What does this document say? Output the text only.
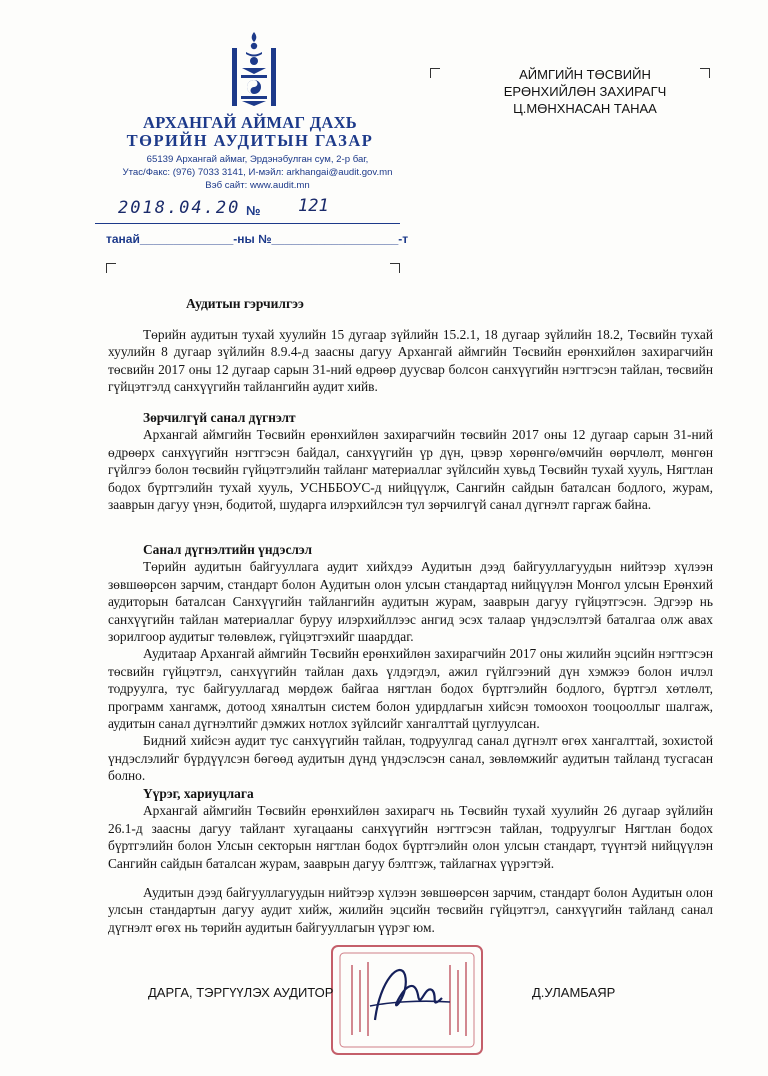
АРХАНГАЙ АЙМАГ ДАХЬ
ТӨРИЙН АУДИТЫН ГАЗАР
65139 Архангай аймаг, Эрдэнэбулган сум, 2-р баг,
Утас/Факс: (976) 7033 3141, И-мэйл: arkhangai@audit.gov.mn
Вэб сайт: www.audit.mn
2018.04.20 № 121
танай______________-ны №___________________-т
АЙМГИЙН ТӨСВИЙН
ЕРӨНХИЙЛӨН ЗАХИРАГЧ
Ц.МӨНХНАСАН ТАНАА
Аудитын гэрчилгээ
Төрийн аудитын тухай хуулийн 15 дугаар зүйлийн 15.2.1, 18 дугаар зүйлийн 18.2, Төсвийн тухай хуулийн 8 дугаар зүйлийн 8.9.4-д заасны дагуу Архангай аймгийн Төсвийн ерөнхийлөн захирагчийн төсвийн 2017 оны 12 дугаар сарын 31-ний өдрөөр дуусвар болсон санхүүгийн нэгтгэсэн тайлан, төсвийн гүйцэтгэлд санхүүгийн тайлангийн аудит хийв.
Зөрчилгүй санал дүгнэлт
Архангай аймгийн Төсвийн ерөнхийлөн захирагчийн төсвийн 2017 оны 12 дугаар сарын 31-ний өдрөөрх санхүүгийн нэгтгэсэн байдал, санхүүгийн үр дүн, цэвэр хөрөнгө/өмчийн өөрчлөлт, мөнгөн гүйлгээ болон төсвийн гүйцэтгэлийн тайланг материаллаг зүйлсийн хувьд Төсвийн тухай хууль, Нягтлан бодох бүртгэлийн тухай хууль, УСНББОУС-д нийцүүлж, Сангийн сайдын баталсан бодлого, журам, зааврын дагуу үнэн, бодитой, шударга илэрхийлсэн тул зөрчилгүй санал дүгнэлт гаргаж байна.
Санал дүгнэлтийн үндэслэл
Төрийн аудитын байгууллага аудит хийхдээ Аудитын дээд байгууллагуудын нийтээр хүлээн зөвшөөрсөн зарчим, стандарт болон Аудитын олон улсын стандартад нийцүүлэн Монгол улсын Ерөнхий аудиторын баталсан Санхүүгийн тайлангийн аудитын журам, зааврын дагуу гүйцэтгэсэн. Эдгээр нь санхүүгийн тайлан материаллаг буруу илэрхийллээс ангид эсэх талаар үндэслэлтэй баталгаа олж авах зорилгоор аудитыг төлөвлөж, гүйцэтгэхийг шаарддаг.
Аудитаар Архангай аймгийн Төсвийн ерөнхийлөн захирагчийн 2017 оны жилийн эцсийн нэгтгэсэн төсвийн гүйцэтгэл, санхүүгийн тайлан дахь үлдэгдэл, ажил гүйлгээний дүн хэмжээ болон ичлэл тодруулга, тус байгууллагад мөрдөж байгаа нягтлан бодох бүртгэлийн бодлого, бүртгэл хөтлөлт, программ хангамж, дотоод хяналтын систем болон удирдлагын хийсэн томоохон тооцооллыг шалгаж, аудитын санал дүгнэлтийг дэмжих нотлох зүйлсийг хангалттай цуглуулсан.
Бидний хийсэн аудит тус санхүүгийн тайлан, тодруулгад санал дүгнэлт өгөх хангалттай, зохистой үндэслэлийг бүрдүүлсэн бөгөөд аудитын дүнд үндэслэсэн санал, зөвлөмжийг аудитын тайланд тусгасан болно.
Үүрэг, хариуцлага
Архангай аймгийн Төсвийн ерөнхийлөн захирагч нь Төсвийн тухай хуулийн 26 дугаар зүйлийн 26.1-д заасны дагуу тайлант хугацааны санхүүгийн нэгтгэсэн тайлан, тодруулгыг Нягтлан бодох бүртгэлийн болон Улсын секторын нягтлан бодох бүртгэлийн олон улсын стандарт, түүнтэй нийцүүлэн Сангийн сайдын баталсан журам, зааврын дагуу бэлтгэж, тайлагнах үүрэгтэй.
Аудитын дээд байгууллагуудын нийтээр хүлээн зөвшөөрсөн зарчим, стандарт болон Аудитын олон улсын стандартын дагуу аудит хийж, жилийн эцсийн төсвийн гүйцэтгэл, санхүүгийн тайланд санал дүгнэлт өгөх нь төрийн аудитын байгууллагын үүрэг юм.
ДАРГА, ТЭРГҮҮЛЭХ АУДИТОР	Д.УЛАМБАЯР
